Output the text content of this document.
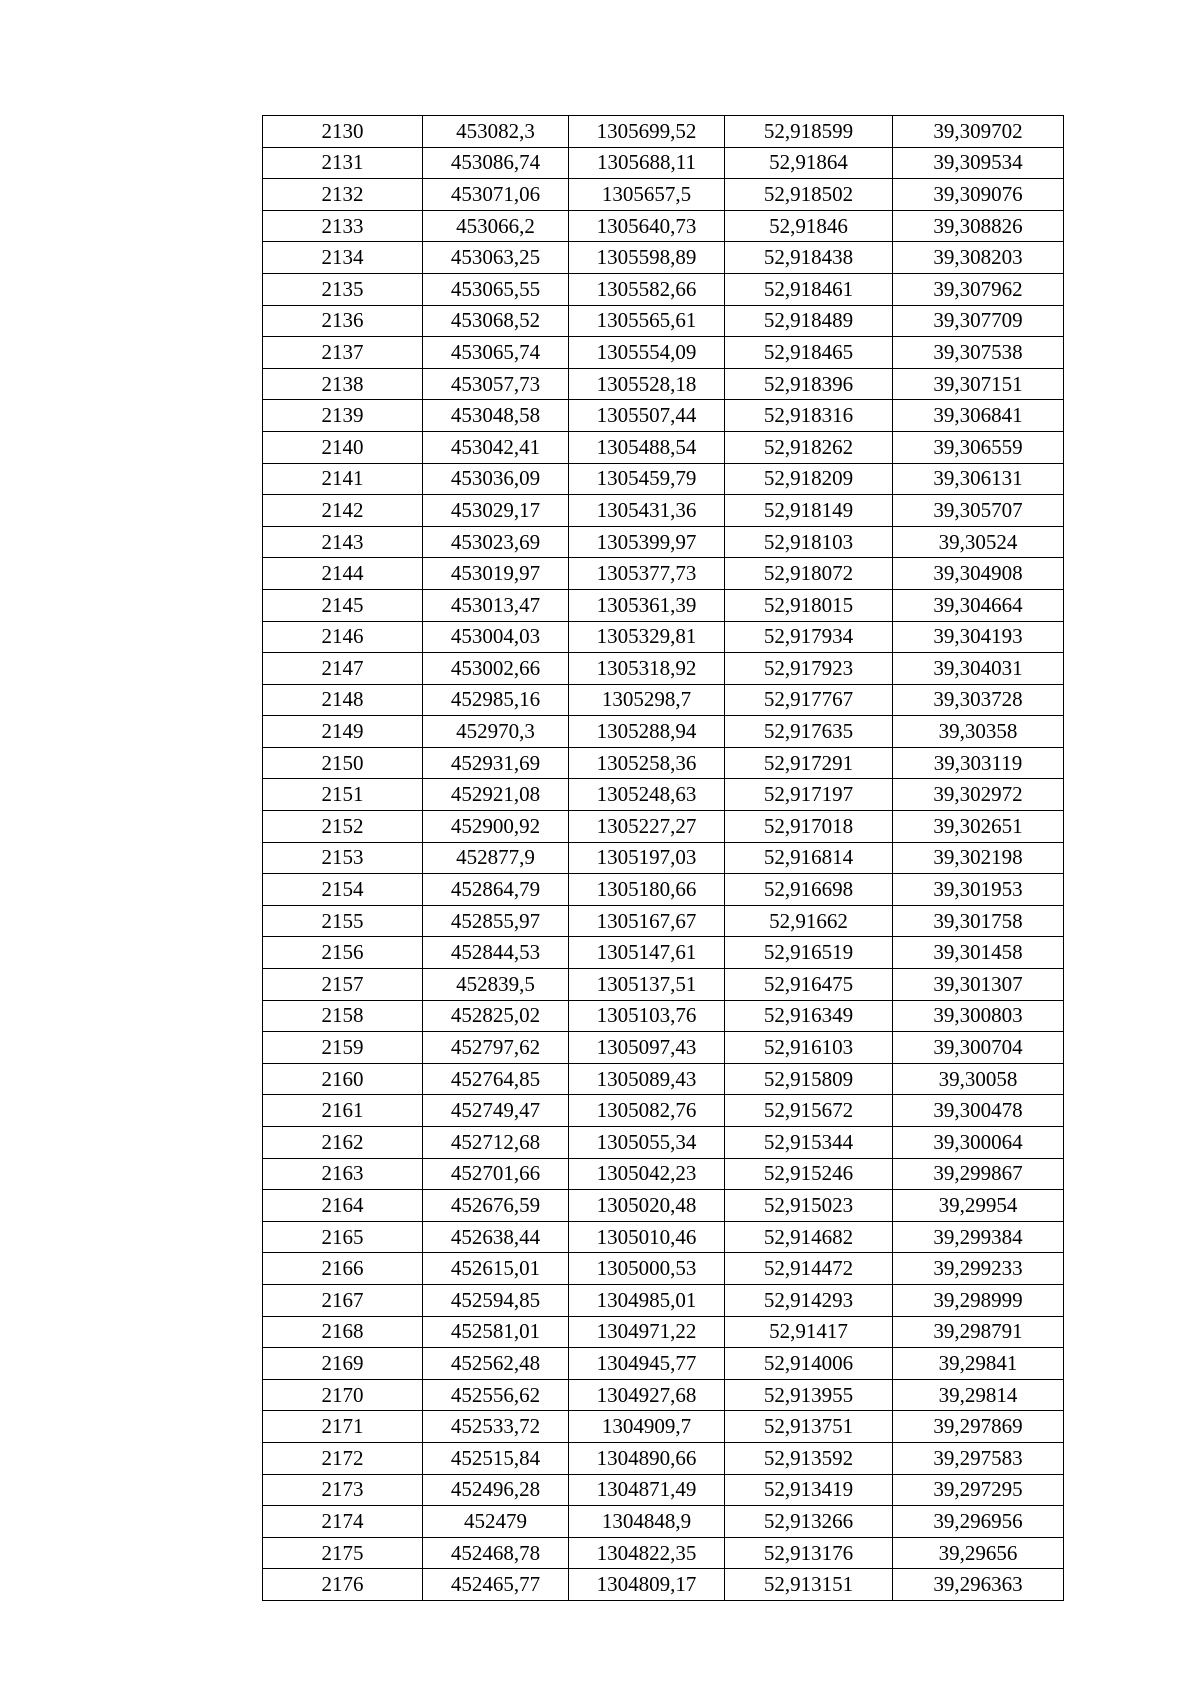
2130	453082,3	1305699,52	52,918599	39,309702
2131	453086,74	1305688,11	52,91864	39,309534
2132	453071,06	1305657,5	52,918502	39,309076
2133	453066,2	1305640,73	52,91846	39,308826
2134	453063,25	1305598,89	52,918438	39,308203
2135	453065,55	1305582,66	52,918461	39,307962
2136	453068,52	1305565,61	52,918489	39,307709
2137	453065,74	1305554,09	52,918465	39,307538
2138	453057,73	1305528,18	52,918396	39,307151
2139	453048,58	1305507,44	52,918316	39,306841
2140	453042,41	1305488,54	52,918262	39,306559
2141	453036,09	1305459,79	52,918209	39,306131
2142	453029,17	1305431,36	52,918149	39,305707
2143	453023,69	1305399,97	52,918103	39,30524
2144	453019,97	1305377,73	52,918072	39,304908
2145	453013,47	1305361,39	52,918015	39,304664
2146	453004,03	1305329,81	52,917934	39,304193
2147	453002,66	1305318,92	52,917923	39,304031
2148	452985,16	1305298,7	52,917767	39,303728
2149	452970,3	1305288,94	52,917635	39,30358
2150	452931,69	1305258,36	52,917291	39,303119
2151	452921,08	1305248,63	52,917197	39,302972
2152	452900,92	1305227,27	52,917018	39,302651
2153	452877,9	1305197,03	52,916814	39,302198
2154	452864,79	1305180,66	52,916698	39,301953
2155	452855,97	1305167,67	52,91662	39,301758
2156	452844,53	1305147,61	52,916519	39,301458
2157	452839,5	1305137,51	52,916475	39,301307
2158	452825,02	1305103,76	52,916349	39,300803
2159	452797,62	1305097,43	52,916103	39,300704
2160	452764,85	1305089,43	52,915809	39,30058
2161	452749,47	1305082,76	52,915672	39,300478
2162	452712,68	1305055,34	52,915344	39,300064
2163	452701,66	1305042,23	52,915246	39,299867
2164	452676,59	1305020,48	52,915023	39,29954
2165	452638,44	1305010,46	52,914682	39,299384
2166	452615,01	1305000,53	52,914472	39,299233
2167	452594,85	1304985,01	52,914293	39,298999
2168	452581,01	1304971,22	52,91417	39,298791
2169	452562,48	1304945,77	52,914006	39,29841
2170	452556,62	1304927,68	52,913955	39,29814
2171	452533,72	1304909,7	52,913751	39,297869
2172	452515,84	1304890,66	52,913592	39,297583
2173	452496,28	1304871,49	52,913419	39,297295
2174	452479	1304848,9	52,913266	39,296956
2175	452468,78	1304822,35	52,913176	39,29656
2176	452465,77	1304809,17	52,913151	39,296363
